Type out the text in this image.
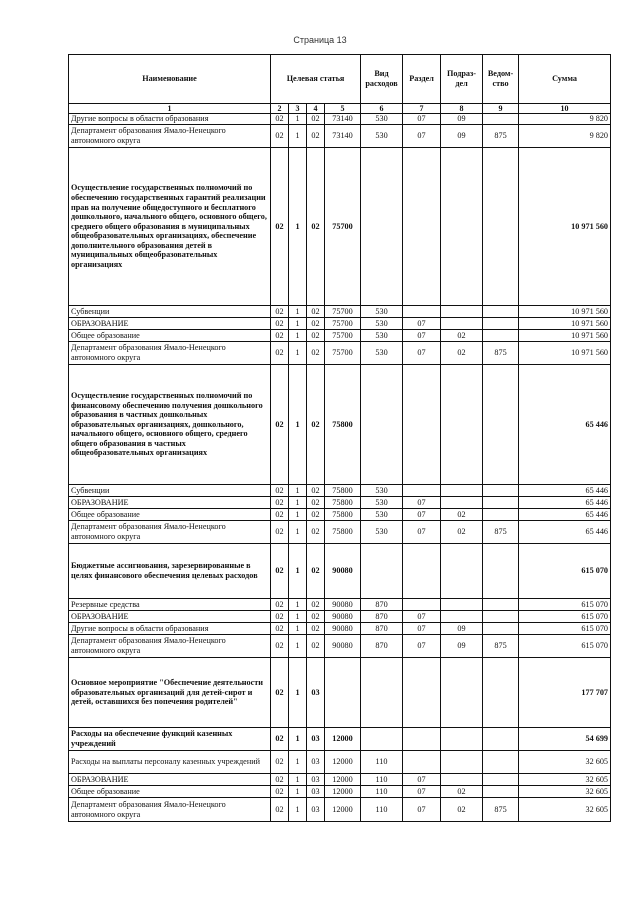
Страница 13
Наименование	Целевая статья				Вид расходов	Раздел	Подраз-дел	Ведом-ство	Сумма
1	2	3	4	5	6	7	8	9	10
Другие вопросы в области образования	02	1	02	73140	530	07	09		9 820
Департамент образования Ямало-Ненецкого автономного округа	02	1	02	73140	530	07	09	875	9 820
Осуществление государственных полномочий по обеспечению государственных гарантий реализации прав на получение общедоступного и бесплатного дошкольного, начального общего, основного общего, среднего общего образования в муниципальных общеобразовательных организациях, обеспечение дополнительного образования детей в муниципальных общеобразовательных организациях	02	1	02	75700					10 971 560
Субвенции	02	1	02	75700	530				10 971 560
ОБРАЗОВАНИЕ	02	1	02	75700	530	07			10 971 560
Общее образование	02	1	02	75700	530	07	02		10 971 560
Департамент образования Ямало-Ненецкого автономного округа	02	1	02	75700	530	07	02	875	10 971 560
Осуществление государственных полномочий по финансовому обеспечению получения дошкольного образования в частных дошкольных образовательных организациях, дошкольного, начального общего, основного общего, среднего общего образования в частных общеобразовательных организациях	02	1	02	75800					65 446
Субвенции	02	1	02	75800	530				65 446
ОБРАЗОВАНИЕ	02	1	02	75800	530	07			65 446
Общее образование	02	1	02	75800	530	07	02		65 446
Департамент образования Ямало-Ненецкого автономного округа	02	1	02	75800	530	07	02	875	65 446
Бюджетные ассигнования, зарезервированные в целях финансового обеспечения целевых расходов	02	1	02	90080					615 070
Резервные средства	02	1	02	90080	870				615 070
ОБРАЗОВАНИЕ	02	1	02	90080	870	07			615 070
Другие вопросы в области образования	02	1	02	90080	870	07	09		615 070
Департамент образования Ямало-Ненецкого автономного округа	02	1	02	90080	870	07	09	875	615 070
Основное мероприятие "Обеспечение деятельности образовательных организаций для детей-сирот и детей, оставшихся без попечения родителей"	02	1	03						177 707
Расходы на обеспечение функций казенных учреждений	02	1	03	12000					54 699
Расходы на выплаты персоналу казенных учреждений	02	1	03	12000	110				32 605
ОБРАЗОВАНИЕ	02	1	03	12000	110	07			32 605
Общее образование	02	1	03	12000	110	07	02		32 605
Департамент образования Ямало-Ненецкого автономного округа	02	1	03	12000	110	07	02	875	32 605
